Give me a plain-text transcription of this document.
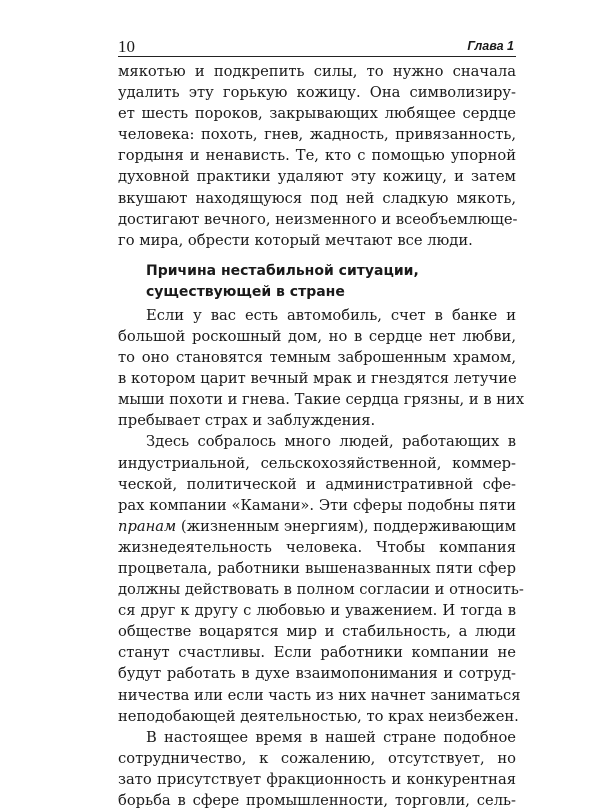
10	Глава 1
мякотью и подкрепить силы, то нужно сначала
удалить эту горькую кожицу. Она символизиру-
ет шесть пороков, закрывающих любящее сердце
человека: похоть, гнев, жадность, привязанность,
гордыня и ненависть. Те, кто с помощью упорной
духовной практики удаляют эту кожицу, и затем
вкушают находящуюся под ней сладкую мякоть,
достигают вечного, неизменного и всеобъемлюще-
го мира, обрести который мечтают все люди.
Причина нестабильной ситуации,
существующей в стране
Если у вас есть автомобиль, счет в банке и
большой роскошный дом, но в сердце нет любви,
то оно становятся темным заброшенным храмом,
в котором царит вечный мрак и гнездятся летучие
мыши похоти и гнева. Такие сердца грязны, и в них
пребывает страх и заблуждения.
Здесь собралось много людей, работающих в
индустриальной, сельскохозяйственной, коммер-
ческой, политической и административной сфе-
рах компании «Камани». Эти сферы подобны пяти
пранам (жизненным энергиям), поддерживающим
жизнедеятельность человека. Чтобы компания
процветала, работники вышеназванных пяти сфер
должны действовать в полном согласии и относить-
ся друг к другу с любовью и уважением. И тогда в
обществе воцарятся мир и стабильность, а люди
станут счастливы. Если работники компании не
будут работать в духе взаимопонимания и сотруд-
ничества или если часть из них начнет заниматься
неподобающей деятельностью, то крах неизбежен.
В настоящее время в нашей стране подобное
сотрудничество, к сожалению, отсутствует, но
зато присутствует фракционность и конкурентная
борьба в сфере промышленности, торговли, сель-
